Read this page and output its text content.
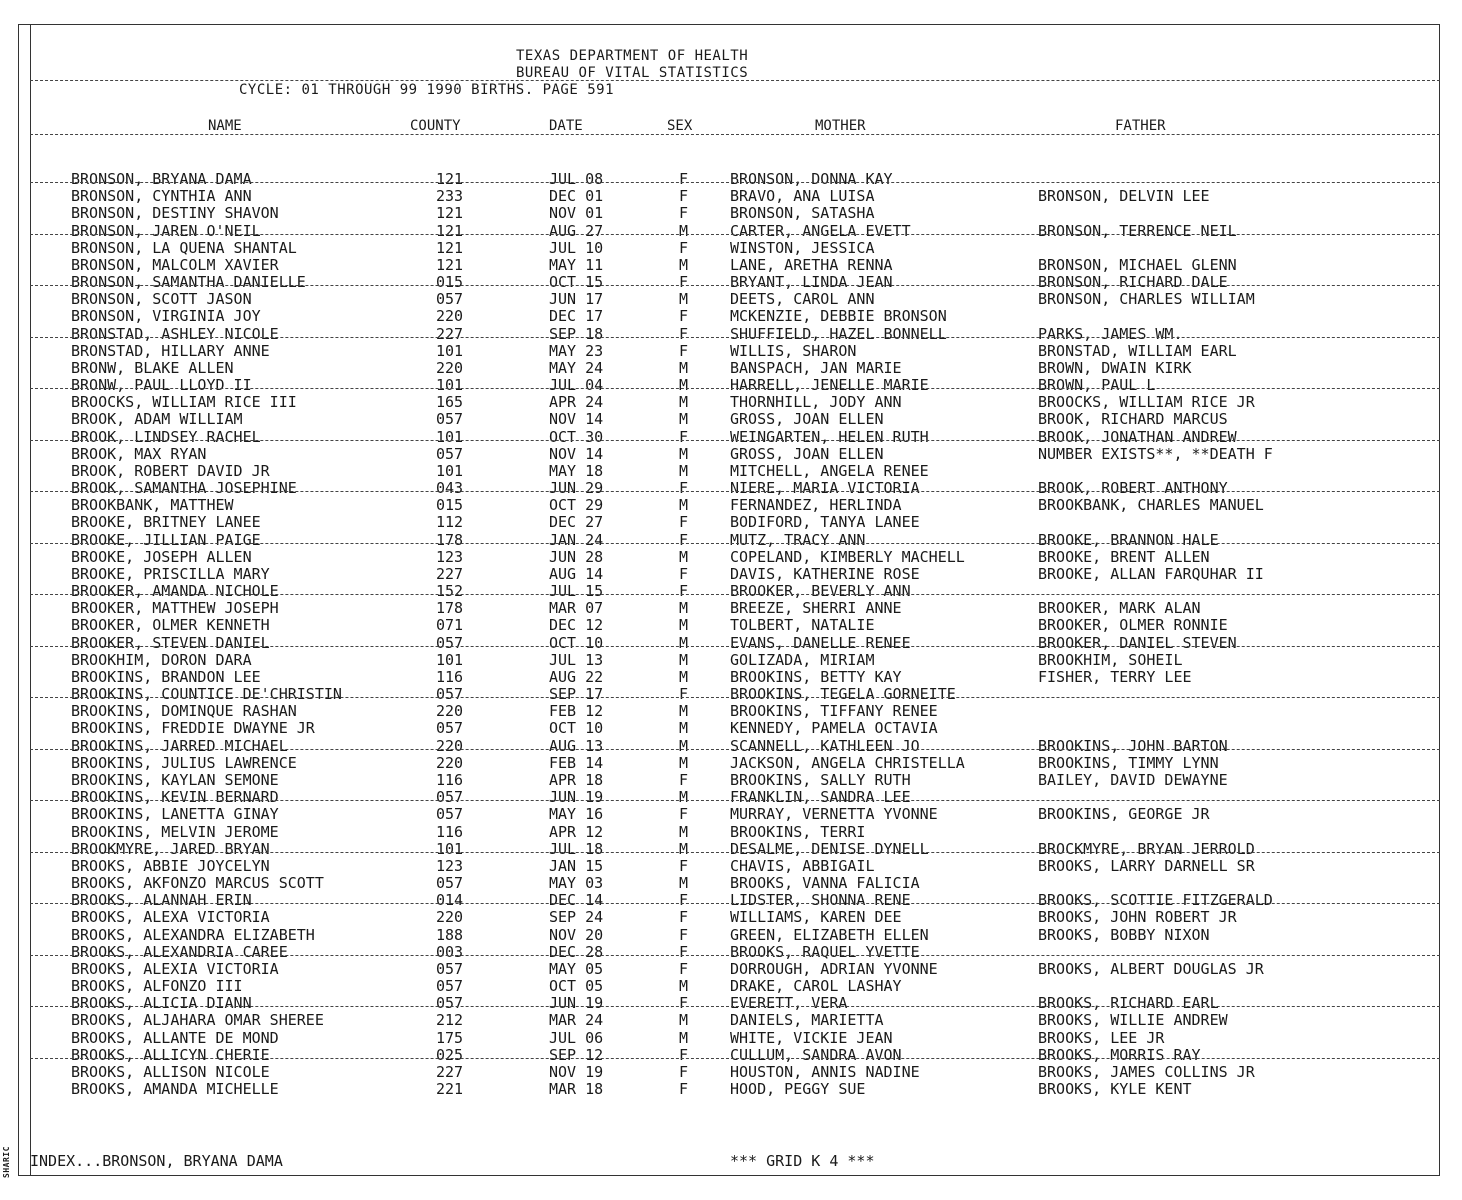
SHARIC
TEXAS DEPARTMENT OF HEALTH
BUREAU OF VITAL STATISTICS
CYCLE: 01 THROUGH 99 1990 BIRTHS. PAGE 591
NAME	COUNTY	DATE	SEX	MOTHER	FATHER
BRONSON, BRYANA DAMA	121	JUL 08	F	BRONSON, DONNA KAY
BRONSON, CYNTHIA ANN	233	DEC 01	F	BRAVO, ANA LUISA	BRONSON, DELVIN LEE
BRONSON, DESTINY SHAVON	121	NOV 01	F	BRONSON, SATASHA
BRONSON, JAREN O'NEIL	121	AUG 27	M	CARTER, ANGELA EVETT	BRONSON, TERRENCE NEIL
BRONSON, LA QUENA SHANTAL	121	JUL 10	F	WINSTON, JESSICA
BRONSON, MALCOLM XAVIER	121	MAY 11	M	LANE, ARETHA RENNA	BRONSON, MICHAEL GLENN
BRONSON, SAMANTHA DANIELLE	015	OCT 15	F	BRYANT, LINDA JEAN	BRONSON, RICHARD DALE
BRONSON, SCOTT JASON	057	JUN 17	M	DEETS, CAROL ANN	BRONSON, CHARLES WILLIAM
BRONSON, VIRGINIA JOY	220	DEC 17	F	MCKENZIE, DEBBIE BRONSON
BRONSTAD, ASHLEY NICOLE	227	SEP 18	F	SHUFFIELD, HAZEL BONNELL	PARKS, JAMES WM.
BRONSTAD, HILLARY ANNE	101	MAY 23	F	WILLIS, SHARON	BRONSTAD, WILLIAM EARL
BRONW, BLAKE ALLEN	220	MAY 24	M	BANSPACH, JAN MARIE	BROWN, DWAIN KIRK
BRONW, PAUL LLOYD II	101	JUL 04	M	HARRELL, JENELLE MARIE	BROWN, PAUL L
BROOCKS, WILLIAM RICE III	165	APR 24	M	THORNHILL, JODY ANN	BROOCKS, WILLIAM RICE JR
BROOK, ADAM WILLIAM	057	NOV 14	M	GROSS, JOAN ELLEN	BROOK, RICHARD MARCUS
BROOK, LINDSEY RACHEL	101	OCT 30	F	WEINGARTEN, HELEN RUTH	BROOK, JONATHAN ANDREW
BROOK, MAX RYAN	057	NOV 14	M	GROSS, JOAN ELLEN	NUMBER EXISTS**, **DEATH F
BROOK, ROBERT DAVID JR	101	MAY 18	M	MITCHELL, ANGELA RENEE
BROOK, SAMANTHA JOSEPHINE	043	JUN 29	F	NIERE, MARIA VICTORIA	BROOK, ROBERT ANTHONY
BROOKBANK, MATTHEW	015	OCT 29	M	FERNANDEZ, HERLINDA	BROOKBANK, CHARLES MANUEL
BROOKE, BRITNEY LANEE	112	DEC 27	F	BODIFORD, TANYA LANEE
BROOKE, JILLIAN PAIGE	178	JAN 24	F	MUTZ, TRACY ANN	BROOKE, BRANNON HALE
BROOKE, JOSEPH ALLEN	123	JUN 28	M	COPELAND, KIMBERLY MACHELL	BROOKE, BRENT ALLEN
BROOKE, PRISCILLA MARY	227	AUG 14	F	DAVIS, KATHERINE ROSE	BROOKE, ALLAN FARQUHAR II
BROOKER, AMANDA NICHOLE	152	JUL 15	F	BROOKER, BEVERLY ANN
BROOKER, MATTHEW JOSEPH	178	MAR 07	M	BREEZE, SHERRI ANNE	BROOKER, MARK ALAN
BROOKER, OLMER KENNETH	071	DEC 12	M	TOLBERT, NATALIE	BROOKER, OLMER RONNIE
BROOKER, STEVEN DANIEL	057	OCT 10	M	EVANS, DANELLE RENEE	BROOKER, DANIEL STEVEN
BROOKHIM, DORON DARA	101	JUL 13	M	GOLIZADA, MIRIAM	BROOKHIM, SOHEIL
BROOKINS, BRANDON LEE	116	AUG 22	M	BROOKINS, BETTY KAY	FISHER, TERRY LEE
BROOKINS, COUNTICE DE'CHRISTIN	057	SEP 17	F	BROOKINS, TEGELA GORNEITE
BROOKINS, DOMINQUE RASHAN	220	FEB 12	M	BROOKINS, TIFFANY RENEE
BROOKINS, FREDDIE DWAYNE JR	057	OCT 10	M	KENNEDY, PAMELA OCTAVIA
BROOKINS, JARRED MICHAEL	220	AUG 13	M	SCANNELL, KATHLEEN JO	BROOKINS, JOHN BARTON
BROOKINS, JULIUS LAWRENCE	220	FEB 14	M	JACKSON, ANGELA CHRISTELLA	BROOKINS, TIMMY LYNN
BROOKINS, KAYLAN SEMONE	116	APR 18	F	BROOKINS, SALLY RUTH	BAILEY, DAVID DEWAYNE
BROOKINS, KEVIN BERNARD	057	JUN 19	M	FRANKLIN, SANDRA LEE
BROOKINS, LANETTA GINAY	057	MAY 16	F	MURRAY, VERNETTA YVONNE	BROOKINS, GEORGE JR
BROOKINS, MELVIN JEROME	116	APR 12	M	BROOKINS, TERRI
BROOKMYRE, JARED BRYAN	101	JUL 18	M	DESALME, DENISE DYNELL	BROCKMYRE, BRYAN JERROLD
BROOKS, ABBIE JOYCELYN	123	JAN 15	F	CHAVIS, ABBIGAIL	BROOKS, LARRY DARNELL SR
BROOKS, AKFONZO MARCUS SCOTT	057	MAY 03	M	BROOKS, VANNA FALICIA
BROOKS, ALANNAH ERIN	014	DEC 14	F	LIDSTER, SHONNA RENE	BROOKS, SCOTTIE FITZGERALD
BROOKS, ALEXA VICTORIA	220	SEP 24	F	WILLIAMS, KAREN DEE	BROOKS, JOHN ROBERT JR
BROOKS, ALEXANDRA ELIZABETH	188	NOV 20	F	GREEN, ELIZABETH ELLEN	BROOKS, BOBBY NIXON
BROOKS, ALEXANDRIA CAREE	003	DEC 28	F	BROOKS, RAQUEL YVETTE
BROOKS, ALEXIA VICTORIA	057	MAY 05	F	DORROUGH, ADRIAN YVONNE	BROOKS, ALBERT DOUGLAS JR
BROOKS, ALFONZO III	057	OCT 05	M	DRAKE, CAROL LASHAY
BROOKS, ALICIA DIANN	057	JUN 19	F	EVERETT, VERA	BROOKS, RICHARD EARL
BROOKS, ALJAHARA OMAR SHEREE	212	MAR 24	M	DANIELS, MARIETTA	BROOKS, WILLIE ANDREW
BROOKS, ALLANTE DE MOND	175	JUL 06	M	WHITE, VICKIE JEAN	BROOKS, LEE JR
BROOKS, ALLICYN CHERIE	025	SEP 12	F	CULLUM, SANDRA AVON	BROOKS, MORRIS RAY
BROOKS, ALLISON NICOLE	227	NOV 19	F	HOUSTON, ANNIS NADINE	BROOKS, JAMES COLLINS JR
BROOKS, AMANDA MICHELLE	221	MAR 18	F	HOOD, PEGGY SUE	BROOKS, KYLE KENT
INDEX...BRONSON, BRYANA DAMA	*** GRID K 4 ***
